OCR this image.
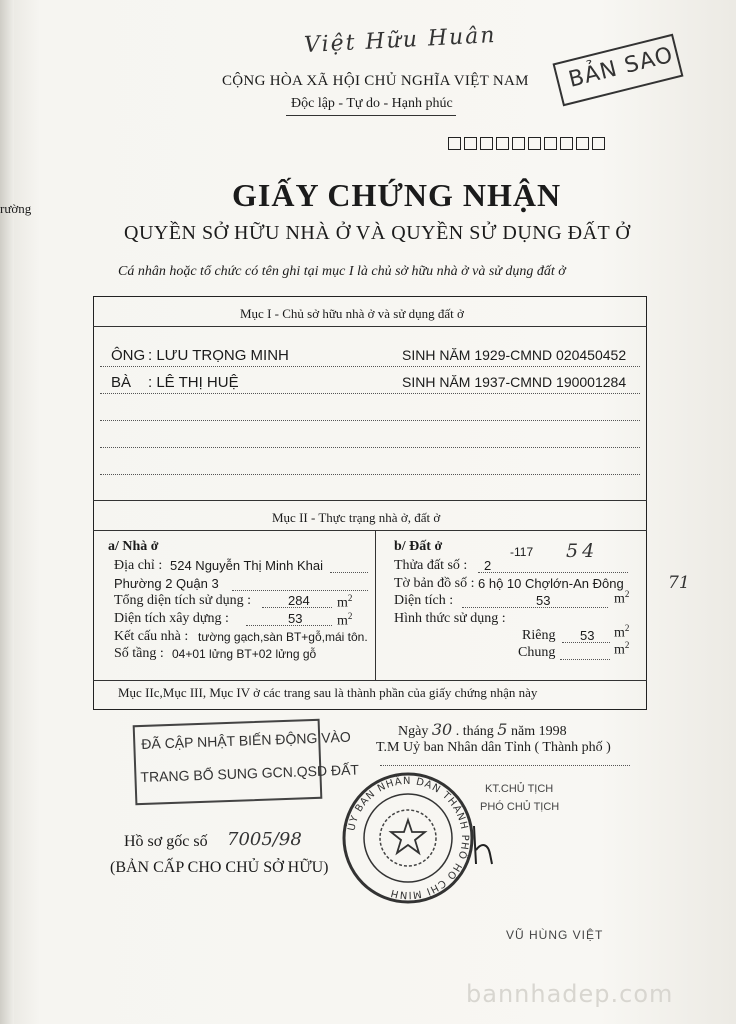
rường
Việt Hữu Huân
CỘNG HÒA XÃ HỘI CHỦ NGHĨA VIỆT NAM
Độc lập - Tự do - Hạnh phúc
BẢN SAO
GIẤY CHỨNG NHẬN
QUYỀN SỞ HỮU NHÀ Ở VÀ QUYỀN SỬ DỤNG ĐẤT Ở
Cá nhân hoặc tổ chức có tên ghi tại mục I là chủ sở hữu nhà ở và sử dụng đất ở
Mục I - Chủ sở hữu nhà ở và sử dụng đất ở
ÔNG : LƯU TRỌNG MINH	SINH NĂM 1929-CMND 020450452
BÀ : LÊ THỊ HUỆ	SINH NĂM 1937-CMND 190001284
Mục II - Thực trạng nhà ở, đất ở
a/ Nhà ở
Địa chỉ : 524 Nguyễn Thị Minh Khai
Phường 2 Quận 3
Tổng diện tích sử dụng :	284 $m^2$
Diện tích xây dựng :	53 $m^2$
Kết cấu nhà : tường gạch,sàn BT+gỗ,mái tôn.
Số tầng : 04+01 lửng BT+02 lửng gỗ
b/ Đất ở	-117 54
Thửa đất số : 2
Tờ bản đồ số : 6 hộ 10 Chợlớn-An Đông	71
Diện tích :	53	$m^2$
Hình thức sử dụng :
Riêng 53 $m^2$
Chung	$m^2$
Mục IIc,Mục III, Mục IV ở các trang sau là thành phần của giấy chứng nhận này
Ngày 30 . tháng 5 năm 1998
T.M Uỷ ban Nhân dân Tỉnh ( Thành phố )
KT.CHỦ TỊCH
PHÓ CHỦ TỊCH
ĐÃ CẬP NHẬT BIẾN ĐỘNG VÀO
TRANG BỔ SUNG GCN.QSD ĐẤT
ỦY BAN NHÂN DÂN THÀNH PHỐ HỒ CHÍ MINH
VŨ HÙNG VIỆT
Hồ sơ gốc số 7005/98
(BẢN CẤP CHO CHỦ SỞ HỮU)
bannhadep.com
